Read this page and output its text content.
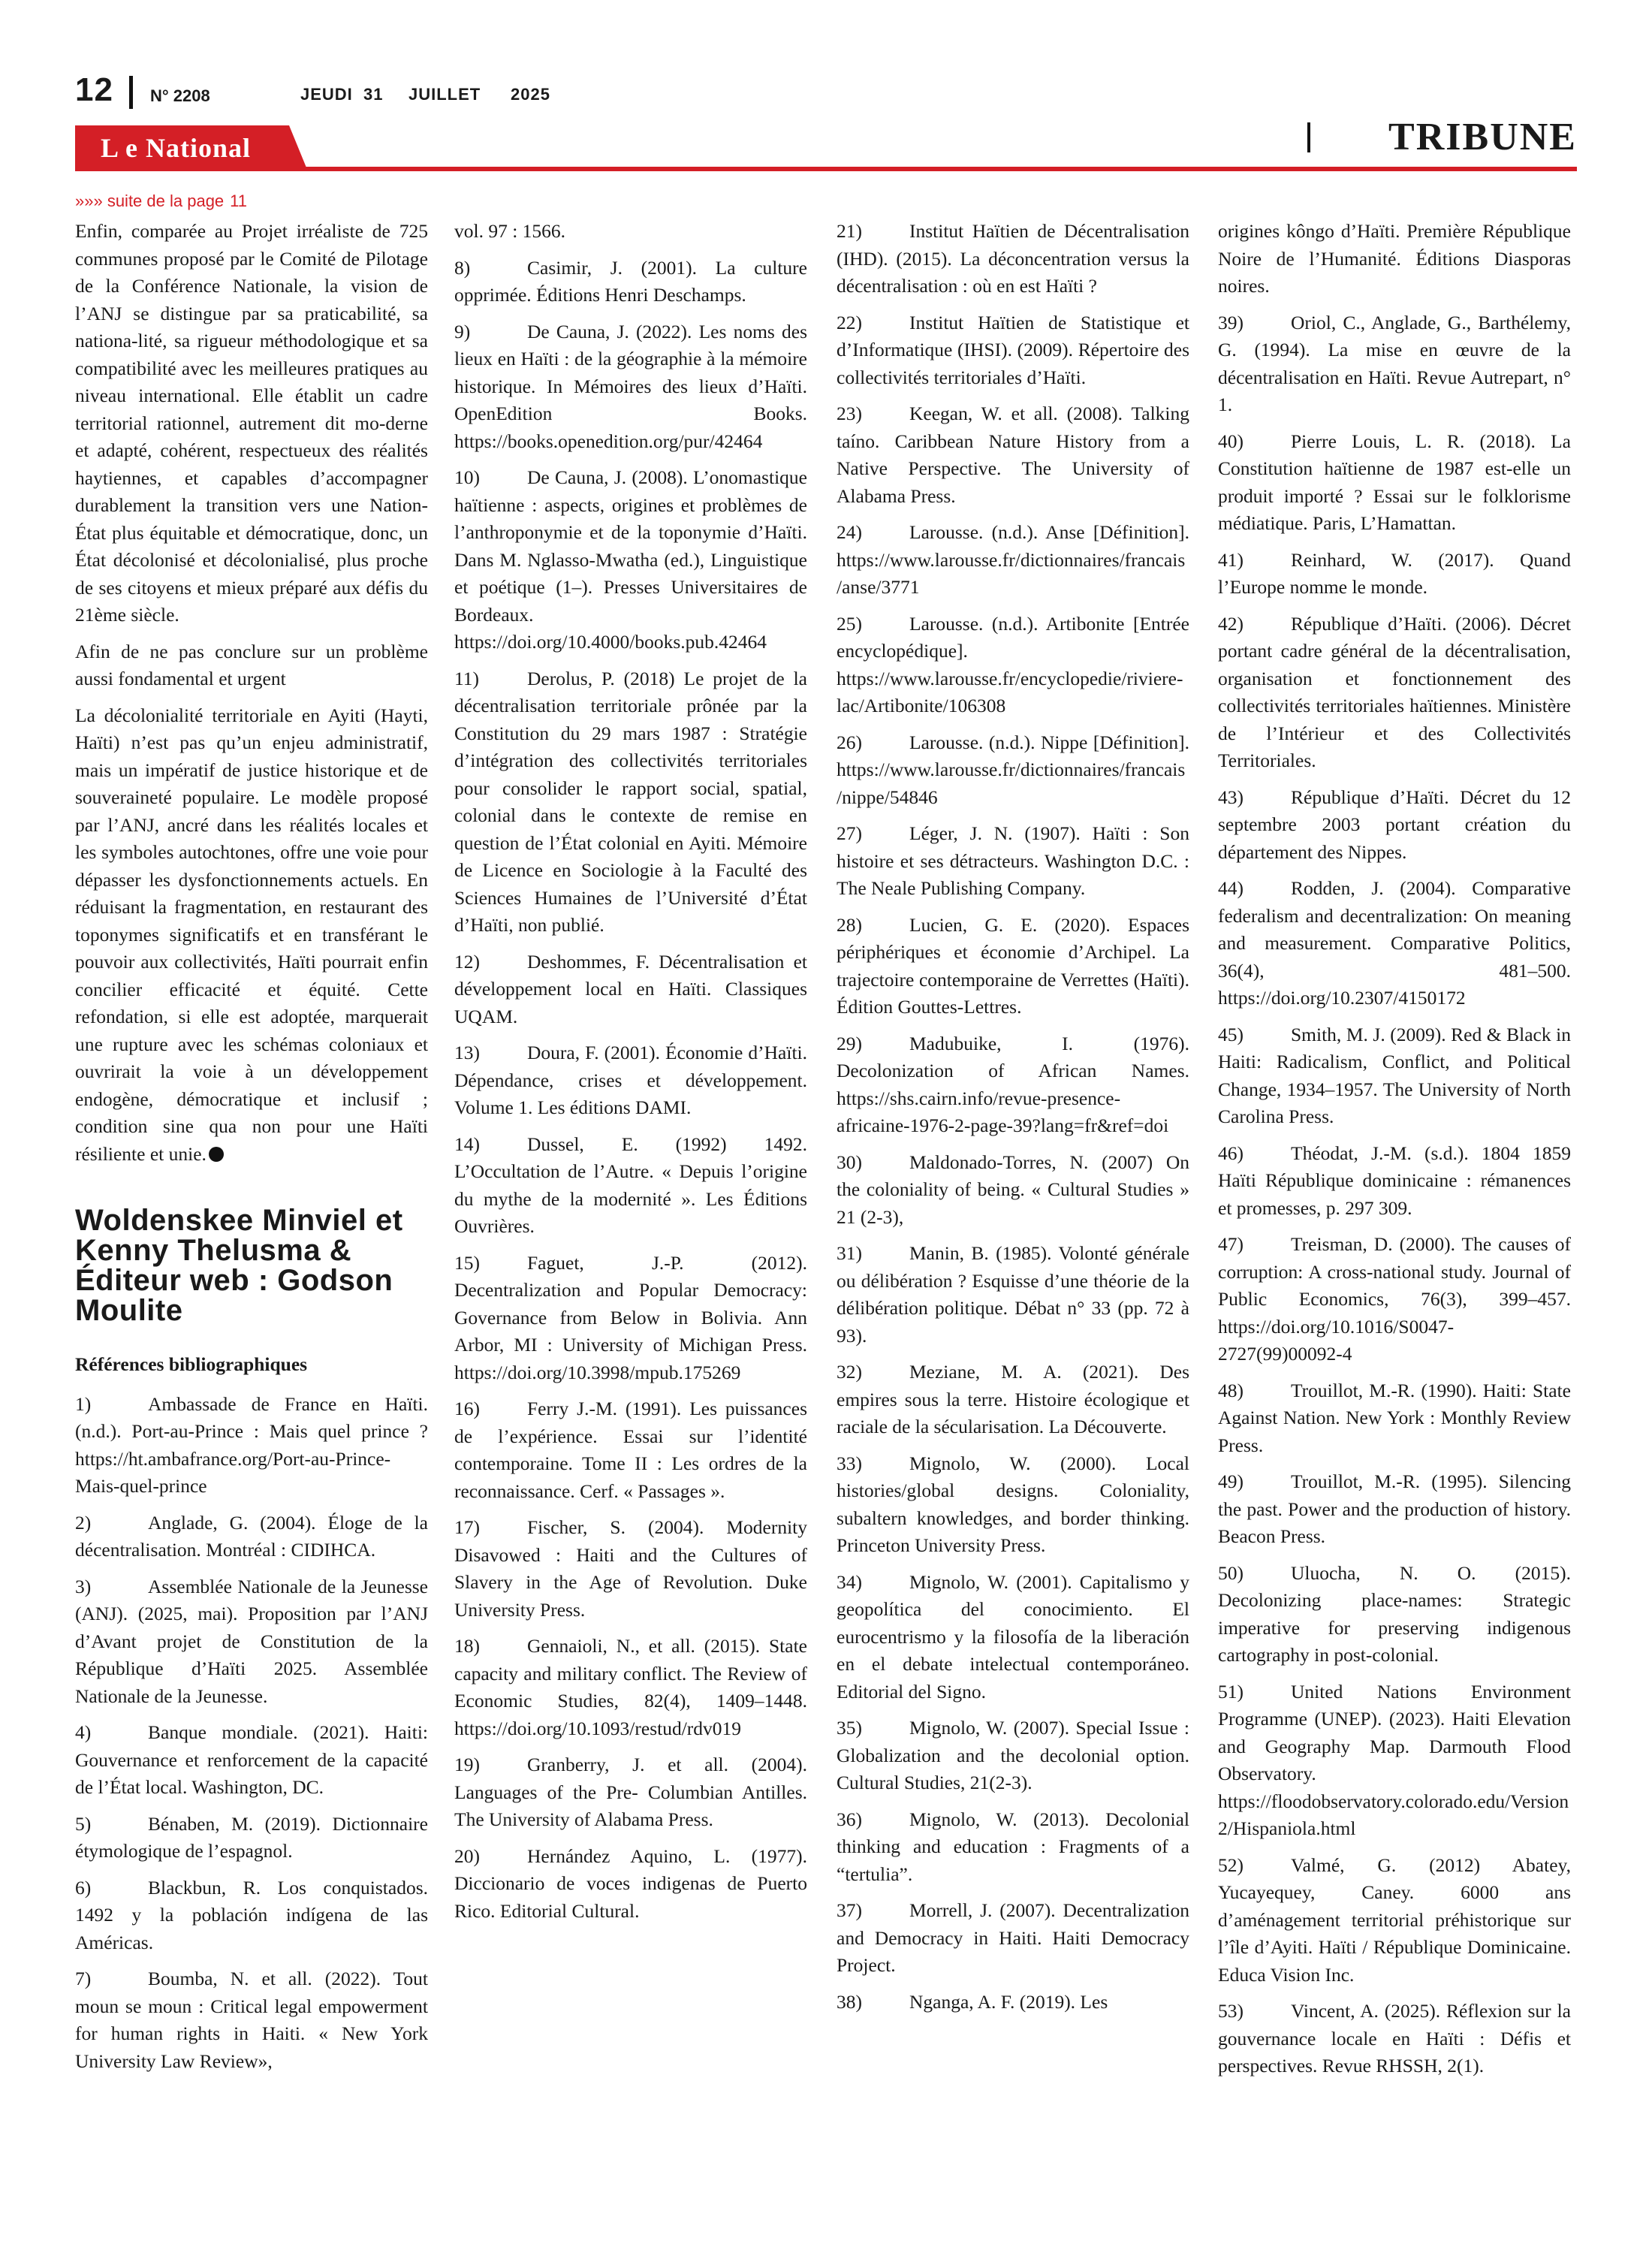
12 N° 2208	JEUDI 31 JUILLET 2025
TRIBUNE
L e National
»»» suite de la page 11

Enfin, comparée au Projet irréaliste de 725 communes proposé par le Comité de Pilotage de la Conférence Nationale, la vision de l’ANJ se distingue par sa praticabilité, sa nationa-lité, sa rigueur méthodologique et sa compatibilité avec les meilleures pratiques au niveau international. Elle établit un cadre territorial rationnel, autrement dit mo-derne et adapté, cohérent, respectueux des réalités haytiennes, et capables d’accompagner durablement la transition vers une Nation-État plus équitable et démocratique, donc, un État décolonisé et décolonialisé, plus proche de ses citoyens et mieux préparé aux défis du 21ème siècle.

Afin de ne pas conclure sur un problème aussi fondamental et urgent

La décolonialité territoriale en Ayiti (Hayti, Haïti) n’est pas qu’un enjeu administratif, mais un impératif de justice historique et de souveraineté populaire. Le modèle proposé par l’ANJ, ancré dans les réalités locales et les symboles autochtones, offre une voie pour dépasser les dysfonctionnements actuels. En réduisant la fragmentation, en restaurant des toponymes significatifs et en transférant le pouvoir aux collectivités, Haïti pourrait enfin concilier efficacité et équité. Cette refondation, si elle est adoptée, marquerait une rupture avec les schémas coloniaux et ouvrirait la voie à un développement endogène, démocratique et inclusif ; condition sine qua non pour une Haïti résiliente et unie.

Woldenskee Minviel et Kenny Thelusma & Éditeur web : Godson Moulite
Références bibliographiques
1)	Ambassade de France en Haïti. (n.d.). Port-au-Prince : Mais quel prince ? https://ht.ambafrance.org/Port-au-Prince-Mais-quel-prince
2)	Anglade, G. (2004). Éloge de la décentralisation. Montréal : CIDIHCA.
3)	Assemblée Nationale de la Jeunesse (ANJ). (2025, mai). Proposition par l’ANJ d’Avant projet de Constitution de la République d’Haïti 2025. Assemblée Nationale de la Jeunesse.
4)	Banque mondiale. (2021). Haiti: Gouvernance et renforcement de la capacité de l’État local. Washington, DC.
5)	Bénaben, M. (2019). Dictionnaire étymologique de l’espagnol.
6)	Blackbun, R. Los conquistados. 1492 y la población indígena de las Américas.
7)	Boumba, N. et all. (2022). Tout moun se moun : Critical legal empowerment for human rights in Haiti. « New York University Law Review»,
vol. 97 : 1566.
8)	Casimir, J. (2001). La culture opprimée. Éditions Henri Deschamps.
9)	De Cauna, J. (2022). Les noms des lieux en Haïti : de la géographie à la mémoire historique. In Mémoires des lieux d’Haïti. OpenEdition Books. https://books.openedition.org/pur/42464
10) De Cauna, J. (2008). L’onomastique haïtienne : aspects, origines et problèmes de l’anthroponymie et de la toponymie d’Haïti. Dans M. Nglasso-Mwatha (ed.), Linguistique et poétique (1–). Presses Universitaires de Bordeaux. https://doi.org/10.4000/books.pub.42464
11)	Derolus, P. (2018) Le projet de la décentralisation territoriale prônée par la Constitution du 29 mars 1987 : Stratégie d’intégration des collectivités territoriales pour consolider le rapport social, spatial, colonial dans le contexte de remise en question de l’État colonial en Ayiti. Mémoire de Licence en Sociologie à la Faculté des Sciences Humaines de l’Université d’État d’Haïti, non publié.
12) Deshommes, F. Décentralisation et développement local en Haïti. Classiques UQAM.
13) Doura, F. (2001). Économie d’Haïti. Dépendance, crises et développement. Volume 1. Les éditions DAMI.
14) Dussel, E. (1992) 1492. L’Occultation de l’Autre. « Depuis l’origine du mythe de la modernité ». Les Éditions Ouvrières.
15) Faguet, J.-P. (2012). Decentralization and Popular Democracy: Governance from Below in Bolivia. Ann Arbor, MI : University of Michigan Press. https://doi.org/10.3998/mpub.175269
16) Ferry J.-M. (1991). Les puissances de l’expérience. Essai sur l’identité contemporaine. Tome II : Les ordres de la reconnaissance. Cerf. « Passages ».
17) Fischer, S. (2004). Modernity Disavowed : Haiti and the Cultures of Slavery in the Age of Revolution. Duke University Press.
18) Gennaioli, N., et all. (2015). State capacity and military conflict. The Review of Economic Studies, 82(4), 1409–1448. https://doi.org/10.1093/restud/rdv019
19) Granberry, J. et all. (2004). Languages of the Pre- Columbian Antilles. The University of Alabama Press.
20) Hernández Aquino, L. (1977). Diccionario de voces indigenas de Puerto Rico. Editorial Cultural.
21) Institut Haïtien de Décentralisation (IHD). (2015). La déconcentration versus la décentralisation : où en est Haïti ?
22) Institut Haïtien de Statistique et d’Informatique (IHSI). (2009). Répertoire des collectivités territoriales d’Haïti.
23) Keegan, W. et all. (2008). Talking taíno. Caribbean Nature History from a Native Perspective. The University of Alabama Press.
24) Larousse. (n.d.). Anse [Définition]. https://www.larousse.fr/dictionnaires/francais/anse/3771
25) Larousse. (n.d.). Artibonite [Entrée encyclopédique]. https://www.larousse.fr/encyclopedie/riviere-lac/Artibonite/106308
26) Larousse. (n.d.). Nippe [Définition]. https://www.larousse.fr/dictionnaires/francais/nippe/54846
27) Léger, J. N. (1907). Haïti : Son histoire et ses détracteurs. Washington D.C. : The Neale Publishing Company.
28) Lucien, G. E. (2020). Espaces périphériques et économie d’Archipel. La trajectoire contemporaine de Verrettes (Haïti). Édition Gouttes-Lettres.
29) Madubuike, I. (1976). Decolonization of African Names. https://shs.cairn.info/revue-presence-africaine-1976-2-page-39?lang=fr&ref=doi
30) Maldonado-Torres, N. (2007) On the coloniality of being. « Cultural Studies » 21 (2-3),
31) Manin, B. (1985). Volonté générale ou délibération ? Esquisse d’une théorie de la délibération politique. Débat n° 33 (pp. 72 à 93).
32) Meziane, M. A. (2021). Des empires sous la terre. Histoire écologique et raciale de la sécularisation. La Découverte.
33) Mignolo, W. (2000). Local histories/global designs. Coloniality, subaltern knowledges, and border thinking. Princeton University Press.
34) Mignolo, W. (2001). Capitalismo y geopolítica del conocimiento. El eurocentrismo y la filosofía de la liberación en el debate intelectual contemporáneo. Editorial del Signo.
35) Mignolo, W. (2007). Special Issue : Globalization and the decolonial option. Cultural Studies, 21(2-3).
36) Mignolo, W. (2013). Decolonial thinking and education : Fragments of a “tertulia”.
37) Morrell, J. (2007). Decentralization and Democracy in Haiti. Haiti Democracy Project.
38) Nganga, A. F. (2019). Les
origines kôngo d’Haïti. Première République Noire de l’Humanité. Éditions Diasporas noires.
39) Oriol, C., Anglade, G., Barthélemy, G. (1994). La mise en œuvre de la décentralisation en Haïti. Revue Autrepart, n° 1.
40) Pierre Louis, L. R. (2018). La Constitution haïtienne de 1987 est-elle un produit importé ? Essai sur le folklorisme médiatique. Paris, L’Hamattan.
41) Reinhard, W. (2017). Quand l’Europe nomme le monde.
42) République d’Haïti. (2006). Décret portant cadre général de la décentralisation, organisation et fonctionnement des collectivités territoriales haïtiennes. Ministère de l’Intérieur et des Collectivités Territoriales.
43) République d’Haïti. Décret du 12 septembre 2003 portant création du département des Nippes.
44) Rodden, J. (2004). Comparative federalism and decentralization: On meaning and measurement. Comparative Politics, 36(4), 481–500. https://doi.org/10.2307/4150172
45) Smith, M. J. (2009). Red & Black in Haiti: Radicalism, Conflict, and Political Change, 1934–1957. The University of North Carolina Press.
46) Théodat, J.-M. (s.d.). 1804 1859 Haïti République dominicaine : rémanences et promesses, p. 297 309.
47) Treisman, D. (2000). The causes of corruption: A cross-national study. Journal of Public Economics, 76(3), 399–457. https://doi.org/10.1016/S0047-2727(99)00092-4
48) Trouillot, M.-R. (1990). Haiti: State Against Nation. New York : Monthly Review Press.
49) Trouillot, M.-R. (1995). Silencing the past. Power and the production of history. Beacon Press.
50) Uluocha, N. O. (2015). Decolonizing place-names: Strategic imperative for preserving indigenous cartography in post-colonial.
51) United Nations Environment Programme (UNEP). (2023). Haiti Elevation and Geography Map. Darmouth Flood Observatory. https://floodobservatory.colorado.edu/Version2/Hispaniola.html
52) Valmé, G. (2012) Abatey, Yucayequey, Caney. 6000 ans d’aménagement territorial préhistorique sur l’île d’Ayiti. Haïti / République Dominicaine. Educa Vision Inc.
53) Vincent, A. (2025). Réflexion sur la gouvernance locale en Haïti : Défis et perspectives. Revue RHSSH, 2(1).
